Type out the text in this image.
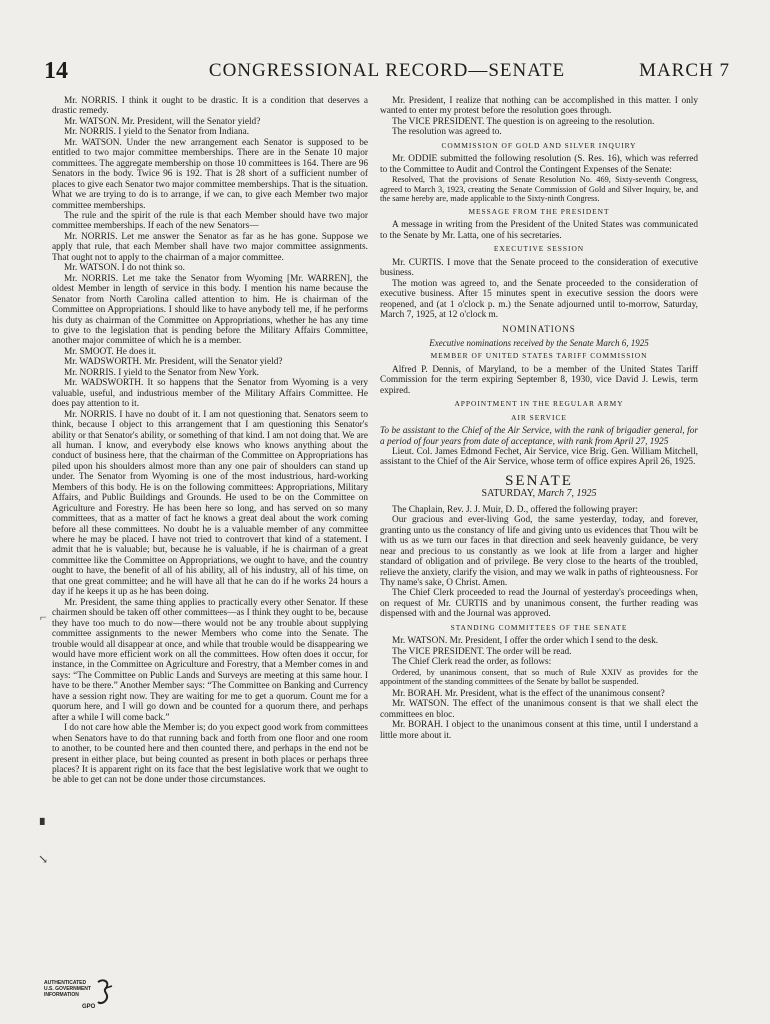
14	CONGRESSIONAL RECORD—SENATE	MARCH 7

Mr. NORRIS. I think it ought to be drastic. It is a condition that deserves a drastic remedy.

Mr. WATSON. Mr. President, will the Senator yield?

Mr. NORRIS. I yield to the Senator from Indiana.

Mr. WATSON. Under the new arrangement each Senator is supposed to be entitled to two major committee memberships. There are in the Senate 10 major committees. The aggregate membership on those 10 committees is 164. There are 96 Senators in the body. Twice 96 is 192. That is 28 short of a sufficient number of places to give each Senator two major committee memberships. That is the situation. What we are trying to do is to arrange, if we can, to give each Member two major committee memberships.

The rule and the spirit of the rule is that each Member should have two major committee memberships. If each of the new Senators—

Mr. NORRIS. Let me answer the Senator as far as he has gone. Suppose we apply that rule, that each Member shall have two major committee assignments. That ought not to apply to the chairman of a major committee.

Mr. WATSON. I do not think so.

Mr. NORRIS. Let me take the Senator from Wyoming [Mr. WARREN], the oldest Member in length of service in this body. I mention his name because the Senator from North Carolina called attention to him. He is chairman of the Committee on Appropriations. I should like to have anybody tell me, if he performs his duty as chairman of the Committee on Appropriations, whether he has any time to give to the legislation that is pending before the Military Affairs Committee, another major committee of which he is a member.

Mr. SMOOT. He does it.

Mr. WADSWORTH. Mr. President, will the Senator yield?

Mr. NORRIS. I yield to the Senator from New York.

Mr. WADSWORTH. It so happens that the Senator from Wyoming is a very valuable, useful, and industrious member of the Military Affairs Committee. He does pay attention to it.

Mr. NORRIS. I have no doubt of it. I am not questioning that. Senators seem to think, because I object to this arrangement that I am questioning this Senator's ability or that Senator's ability, or something of that kind. I am not doing that. We are all human. I know, and everybody else knows who knows anything about the conduct of business here, that the chairman of the Committee on Appropriations has piled upon his shoulders almost more than any one pair of shoulders can stand up under. The Senator from Wyoming is one of the most industrious, hard-working Members of this body. He is on the following committees: Appropriations, Military Affairs, and Public Buildings and Grounds. He used to be on the Committee on Agriculture and Forestry. He has been here so long, and has served on so many committees, that as a matter of fact he knows a great deal about the work coming before all these committees. No doubt he is a valuable member of any committee where he may be placed. I have not tried to controvert that kind of a statement. I admit that he is valuable; but, because he is valuable, if he is chairman of a great committee like the Committee on Appropriations, we ought to have, and the country ought to have, the benefit of all of his ability, all of his industry, all of his time, on that one great committee; and he will have all that he can do if he works 24 hours a day if he keeps it up as he has been doing.

Mr. President, the same thing applies to practically every other Senator. If these chairmen should be taken off other committees—as I think they ought to be, because they have too much to do now—there would not be any trouble about supplying committee assignments to the newer Members who come into the Senate. The trouble would all disappear at once, and while that trouble would be disappearing we would have more efficient work on all the committees. How often does it occur, for instance, in the Committee on Agriculture and Forestry, that a Member comes in and says: “The Committee on Public Lands and Surveys are meeting at this same hour. I have to be there.” Another Member says: “The Committee on Banking and Currency have a session right now. They are waiting for me to get a quorum. Count me for a quorum here, and I will go down and be counted for a quorum there, and perhaps after a while I will come back.”

I do not care how able the Member is; do you expect good work from committees when Senators have to do that running back and forth from one floor and one room to another, to be counted here and then counted there, and perhaps in the end not be present in either place, but being counted as present in both places or perhaps three places? It is apparent right on its face that the best legislative work that we ought to be able to get can not be done under those circumstances.

Mr. President, I realize that nothing can be accomplished in this matter. I only wanted to enter my protest before the resolution goes through.

The VICE PRESIDENT. The question is on agreeing to the resolution.

The resolution was agreed to.

COMMISSION OF GOLD AND SILVER INQUIRY

Mr. ODDIE submitted the following resolution (S. Res. 16), which was referred to the Committee to Audit and Control the Contingent Expenses of the Senate:

Resolved, That the provisions of Senate Resolution No. 469, Sixty-seventh Congress, agreed to March 3, 1923, creating the Senate Commission of Gold and Silver Inquiry, be, and the same hereby are, made applicable to the Sixty-ninth Congress.

MESSAGE FROM THE PRESIDENT

A message in writing from the President of the United States was communicated to the Senate by Mr. Latta, one of his secretaries.

EXECUTIVE SESSION

Mr. CURTIS. I move that the Senate proceed to the consideration of executive business.

The motion was agreed to, and the Senate proceeded to the consideration of executive business. After 15 minutes spent in executive session the doors were reopened, and (at 1 o'clock p. m.) the Senate adjourned until to-morrow, Saturday, March 7, 1925, at 12 o'clock m.

NOMINATIONS
Executive nominations received by the Senate March 6, 1925
MEMBER OF UNITED STATES TARIFF COMMISSION

Alfred P. Dennis, of Maryland, to be a member of the United States Tariff Commission for the term expiring September 8, 1930, vice David J. Lewis, term expired.

APPOINTMENT IN THE REGULAR ARMY
AIR SERVICE

To be assistant to the Chief of the Air Service, with the rank of brigadier general, for a period of four years from date of acceptance, with rank from April 27, 1925

Lieut. Col. James Edmond Fechet, Air Service, vice Brig. Gen. William Mitchell, assistant to the Chief of the Air Service, whose term of office expires April 26, 1925.

SENATE
SATURDAY, March 7, 1925

The Chaplain, Rev. J. J. Muir, D. D., offered the following prayer:

Our gracious and ever-living God, the same yesterday, today, and forever, granting unto us the constancy of life and giving unto us evidences that Thou wilt be with us as we turn our faces in that direction and seek heavenly guidance, be very near and precious to us constantly as we look at life from a larger and higher standard of obligation and of privilege. Be very close to the hearts of the troubled, relieve the anxiety, clarify the vision, and may we walk in paths of righteousness. For Thy name's sake, O Christ. Amen.

The Chief Clerk proceeded to read the Journal of yesterday's proceedings when, on request of Mr. CURTIS and by unanimous consent, the further reading was dispensed with and the Journal was approved.

STANDING COMMITTEES OF THE SENATE

Mr. WATSON. Mr. President, I offer the order which I send to the desk.

The VICE PRESIDENT. The order will be read.

The Chief Clerk read the order, as follows:

Ordered, by unanimous consent, that so much of Rule XXIV as provides for the appointment of the standing committees of the Senate by ballot be suspended.

Mr. BORAH. Mr. President, what is the effect of the unanimous consent?

Mr. WATSON. The effect of the unanimous consent is that we shall elect the committees en bloc.

Mr. BORAH. I object to the unanimous consent at this time, until I understand a little more about it.

⌐
▘
↘
AUTHENTICATED
U.S. GOVERNMENT
INFORMATION
GPO
